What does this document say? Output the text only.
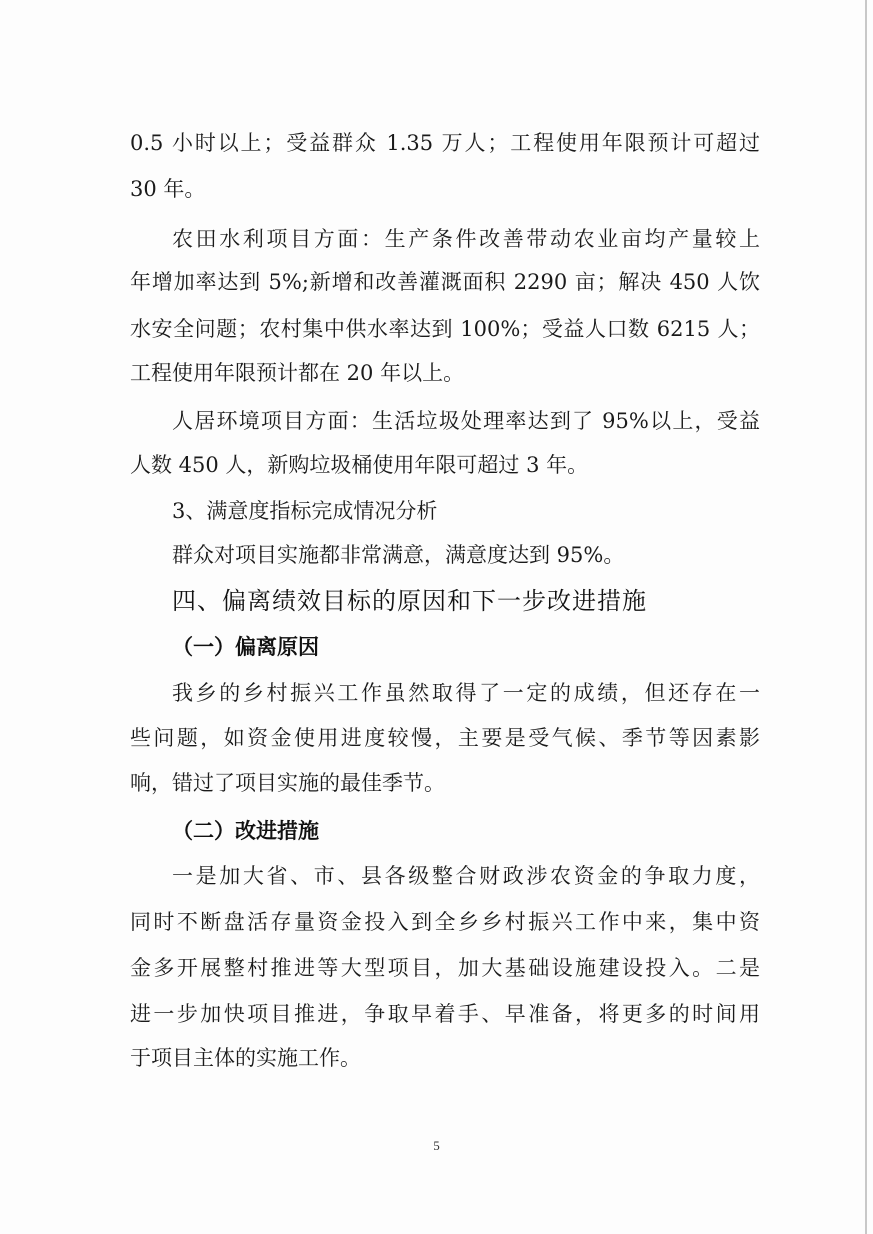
0.5 小时以上；受益群众 1.35 万人；工程使用年限预计可超过
30 年。
农田水利项目方面：生产条件改善带动农业亩均产量较上
年增加率达到 5%;新增和改善灌溉面积 2290 亩；解决 450 人饮
水安全问题；农村集中供水率达到 100%；受益人口数 6215 人；
工程使用年限预计都在 20 年以上。
人居环境项目方面：生活垃圾处理率达到了 95%以上，受益
人数 450 人，新购垃圾桶使用年限可超过 3 年。
3、满意度指标完成情况分析
群众对项目实施都非常满意，满意度达到 95%。
四、偏离绩效目标的原因和下一步改进措施
（一）偏离原因
我乡的乡村振兴工作虽然取得了一定的成绩，但还存在一
些问题，如资金使用进度较慢，主要是受气候、季节等因素影
响，错过了项目实施的最佳季节。
（二）改进措施
一是加大省、市、县各级整合财政涉农资金的争取力度，
同时不断盘活存量资金投入到全乡乡村振兴工作中来，集中资
金多开展整村推进等大型项目，加大基础设施建设投入。二是
进一步加快项目推进，争取早着手、早准备，将更多的时间用
于项目主体的实施工作。
5
